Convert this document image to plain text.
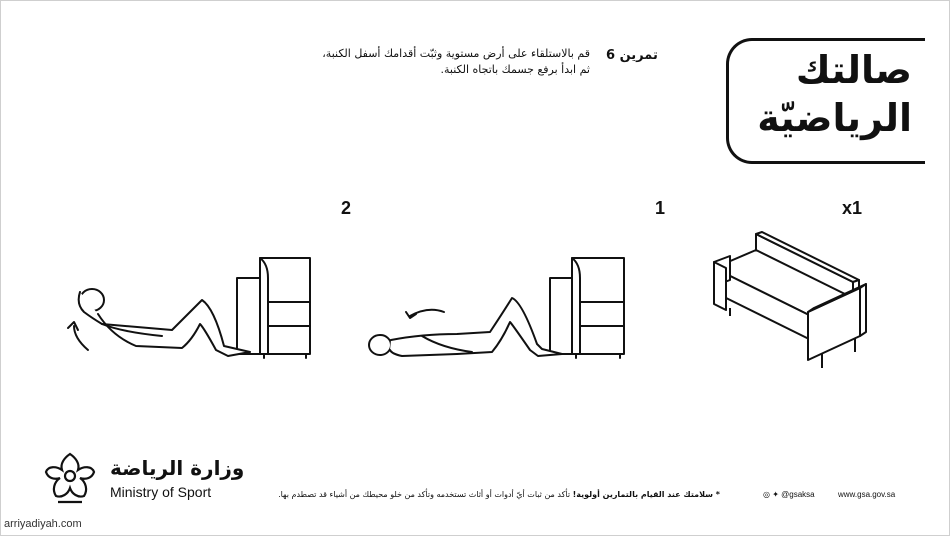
صالتك
الرياضيّة
تمرين 6
قم بالاستلقاء على أرض مستوية وثبّت أقدامك أسفل الكنبة،
ثم ابدأ برفع جسمك باتجاه الكنبة.
x1
1
2
وزارة الرياضة
Ministry of Sport	* سلامتك عند القيام بالتمارين أولوية! تأكد من ثبات أيّ أدوات أو أثاث تستخدمه وتأكد من خلو محيطك من أشياء قد تصطدم بها.	◎ ✦ @gsaksa	www.gsa.gov.sa
arriyadiyah.com
